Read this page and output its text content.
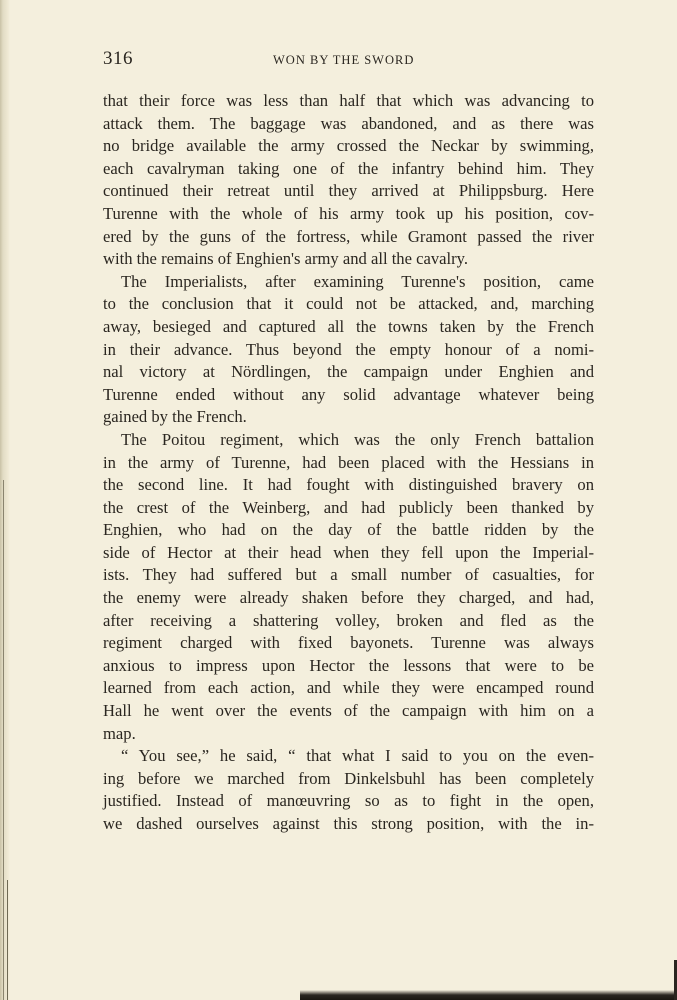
316	WON BY THE SWORD
that their force was less than half that which was advancing to
attack them. The baggage was abandoned, and as there was
no bridge available the army crossed the Neckar by swimming,
each cavalryman taking one of the infantry behind him. They
continued their retreat until they arrived at Philippsburg. Here
Turenne with the whole of his army took up his position, cov-
ered by the guns of the fortress, while Gramont passed the river
with the remains of Enghien's army and all the cavalry.
The Imperialists, after examining Turenne's position, came
to the conclusion that it could not be attacked, and, marching
away, besieged and captured all the towns taken by the French
in their advance. Thus beyond the empty honour of a nomi-
nal victory at Nördlingen, the campaign under Enghien and
Turenne ended without any solid advantage whatever being
gained by the French.
The Poitou regiment, which was the only French battalion
in the army of Turenne, had been placed with the Hessians in
the second line. It had fought with distinguished bravery on
the crest of the Weinberg, and had publicly been thanked by
Enghien, who had on the day of the battle ridden by the
side of Hector at their head when they fell upon the Imperial-
ists. They had suffered but a small number of casualties, for
the enemy were already shaken before they charged, and had,
after receiving a shattering volley, broken and fled as the
regiment charged with fixed bayonets. Turenne was always
anxious to impress upon Hector the lessons that were to be
learned from each action, and while they were encamped round
Hall he went over the events of the campaign with him on a
map.
“ You see,” he said, “ that what I said to you on the even-
ing before we marched from Dinkelsbuhl has been completely
justified. Instead of manœuvring so as to fight in the open,
we dashed ourselves against this strong position, with the in-
